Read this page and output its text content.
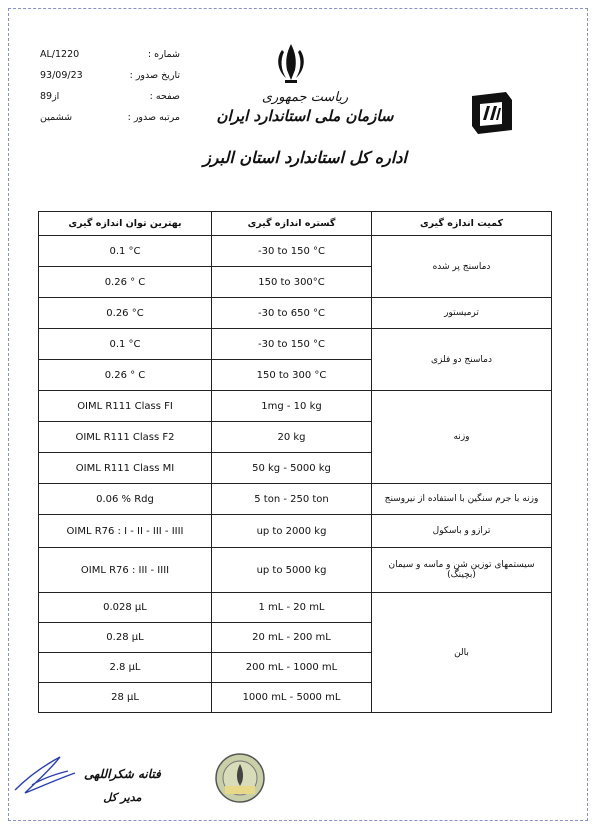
شماره :
AL/1220
تاریخ صدور :
93/09/23
صفحه :
8از9
مرتبه صدور :
ششمین
ریاست جمهوری
سازمان ملی استاندارد ایران
اداره کل استاندارد استان البرز
بهترین توان اندازه گیری	گستره اندازه گیری	کمیت اندازه گیری
0.1 °C	-30 to 150 °C	دماسنج پر شده
0.26 ° C	150 to 300°C	
0.26 °C	-30 to 650 °C	ترمیستور
0.1 °C	-30 to 150 °C	دماسنج دو فلزی
0.26 ° C	150 to 300 °C	
OIML R111 Class FI	1mg - 10 kg	وزنه
OIML R111 Class F2	20 kg	
OIML R111 Class MI	50 kg - 5000 kg	
0.06 % Rdg	5 ton - 250 ton	وزنه با جرم سنگین با استفاده از نیروسنج
OIML R76 : I - II - III - IIII	up to 2000 kg	ترازو و باسکول
OIML R76 : III - IIII	up to 5000 kg	سیستمهای توزین شن و ماسه و سیمان (بچینگ)
0.028 µL	1 mL - 20 mL	بالن
0.28 µL	20 mL - 200 mL	
2.8 µL	200 mL - 1000 mL	
28 µL	1000 mL - 5000 mL	
فتانه شکراللهی
مدیر کل
